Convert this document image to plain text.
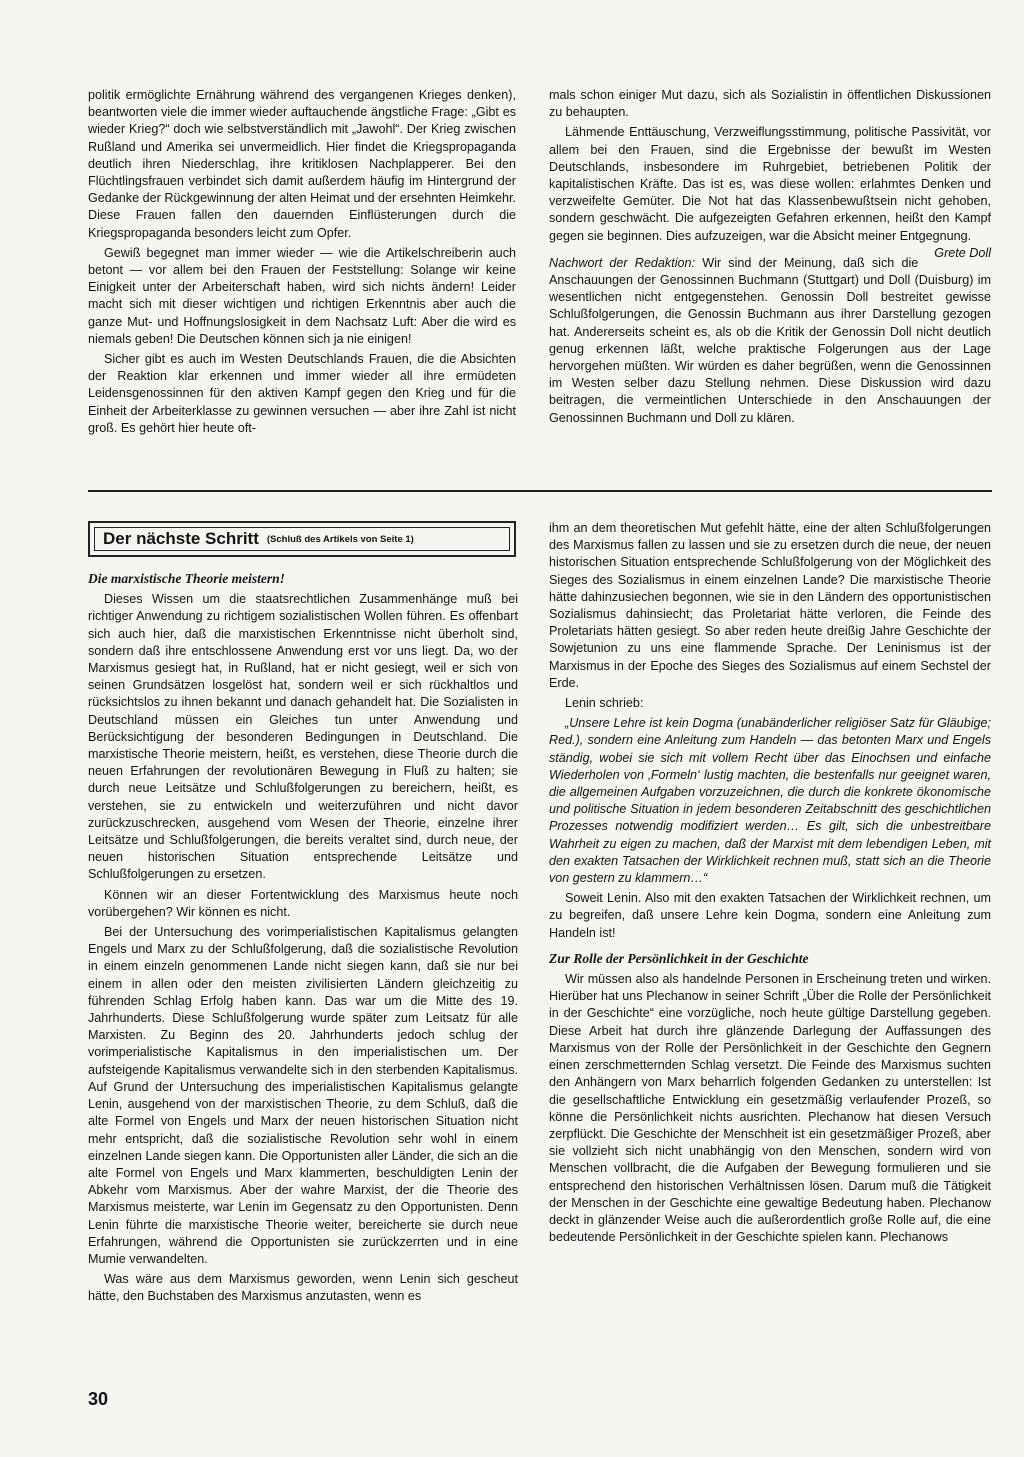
politik ermöglichte Ernährung während des vergangenen Krieges denken), beantworten viele die immer wieder auftauchende ängstliche Frage: „Gibt es wieder Krieg?“ doch wie selbstverständlich mit „Jawohl“. Der Krieg zwischen Rußland und Amerika sei unvermeidlich. Hier findet die Kriegspropaganda deutlich ihren Niederschlag, ihre kritiklosen Nachplapperer. Bei den Flüchtlingsfrauen verbindet sich damit außerdem häufig im Hintergrund der Gedanke der Rückgewinnung der alten Heimat und der ersehnten Heimkehr. Diese Frauen fallen den dauernden Einflüsterungen durch die Kriegspropaganda besonders leicht zum Opfer.

Gewiß begegnet man immer wieder — wie die Artikelschreiberin auch betont — vor allem bei den Frauen der Feststellung: Solange wir keine Einigkeit unter der Arbeiterschaft haben, wird sich nichts ändern! Leider macht sich mit dieser wichtigen und richtigen Erkenntnis aber auch die ganze Mut- und Hoffnungslosigkeit in dem Nachsatz Luft: Aber die wird es niemals geben! Die Deutschen können sich ja nie einigen!

Sicher gibt es auch im Westen Deutschlands Frauen, die die Absichten der Reaktion klar erkennen und immer wieder all ihre ermüdeten Leidensgenossinnen für den aktiven Kampf gegen den Krieg und für die Einheit der Arbeiterklasse zu gewinnen versuchen — aber ihre Zahl ist nicht groß. Es gehört hier heute oft-

mals schon einiger Mut dazu, sich als Sozialistin in öffentlichen Diskussionen zu behaupten.

Lähmende Enttäuschung, Verzweiflungsstimmung, politische Passivität, vor allem bei den Frauen, sind die Ergebnisse der bewußt im Westen Deutschlands, insbesondere im Ruhrgebiet, betriebenen Politik der kapitalistischen Kräfte. Das ist es, was diese wollen: erlahmtes Denken und verzweifelte Gemüter. Die Not hat das Klassenbewußtsein nicht gehoben, sondern geschwächt. Die aufgezeigten Gefahren erkennen, heißt den Kampf gegen sie beginnen. Dies aufzuzeigen, war die Absicht meiner Entgegnung.
Grete Doll

Nachwort der Redaktion: Wir sind der Meinung, daß sich die Anschauungen der Genossinnen Buchmann (Stuttgart) und Doll (Duisburg) im wesentlichen nicht entgegenstehen. Genossin Doll bestreitet gewisse Schlußfolgerungen, die Genossin Buchmann aus ihrer Darstellung gezogen hat. Andererseits scheint es, als ob die Kritik der Genossin Doll nicht deutlich genug erkennen läßt, welche praktische Folgerungen aus der Lage hervorgehen müßten. Wir würden es daher begrüßen, wenn die Genossinnen im Westen selber dazu Stellung nehmen. Diese Diskussion wird dazu beitragen, die vermeintlichen Unterschiede in den Anschauungen der Genossinnen Buchmann und Doll zu klären.

Der nächste Schritt (Schluß des Artikels von Seite 1)
Die marxistische Theorie meistern!

Dieses Wissen um die staatsrechtlichen Zusammenhänge muß bei richtiger Anwendung zu richtigem sozialistischen Wollen führen. Es offenbart sich auch hier, daß die marxistischen Erkenntnisse nicht überholt sind, sondern daß ihre entschlossene Anwendung erst vor uns liegt. Da, wo der Marxismus gesiegt hat, in Rußland, hat er nicht gesiegt, weil er sich von seinen Grundsätzen losgelöst hat, sondern weil er sich rückhaltlos und rücksichtslos zu ihnen bekannt und danach gehandelt hat. Die Sozialisten in Deutschland müssen ein Gleiches tun unter Anwendung und Berücksichtigung der besonderen Bedingungen in Deutschland. Die marxistische Theorie meistern, heißt, es verstehen, diese Theorie durch die neuen Erfahrungen der revolutionären Bewegung in Fluß zu halten; sie durch neue Leitsätze und Schlußfolgerungen zu bereichern, heißt, es verstehen, sie zu entwickeln und weiterzuführen und nicht davor zurückzuschrecken, ausgehend vom Wesen der Theorie, einzelne ihrer Leitsätze und Schlußfolgerungen, die bereits veraltet sind, durch neue, der neuen historischen Situation entsprechende Leitsätze und Schlußfolgerungen zu ersetzen.

Können wir an dieser Fortentwicklung des Marxismus heute noch vorübergehen? Wir können es nicht.

Bei der Untersuchung des vorimperialistischen Kapitalismus gelangten Engels und Marx zu der Schlußfolgerung, daß die sozialistische Revolution in einem einzeln genommenen Lande nicht siegen kann, daß sie nur bei einem in allen oder den meisten zivilisierten Ländern gleichzeitig zu führenden Schlag Erfolg haben kann. Das war um die Mitte des 19. Jahrhunderts. Diese Schlußfolgerung wurde später zum Leitsatz für alle Marxisten. Zu Beginn des 20. Jahrhunderts jedoch schlug der vorimperialistische Kapitalismus in den imperialistischen um. Der aufsteigende Kapitalismus verwandelte sich in den sterbenden Kapitalismus. Auf Grund der Untersuchung des imperialistischen Kapitalismus gelangte Lenin, ausgehend von der marxistischen Theorie, zu dem Schluß, daß die alte Formel von Engels und Marx der neuen historischen Situation nicht mehr entspricht, daß die sozialistische Revolution sehr wohl in einem einzelnen Lande siegen kann. Die Opportunisten aller Länder, die sich an die alte Formel von Engels und Marx klammerten, beschuldigten Lenin der Abkehr vom Marxismus. Aber der wahre Marxist, der die Theorie des Marxismus meisterte, war Lenin im Gegensatz zu den Opportunisten. Denn Lenin führte die marxistische Theorie weiter, bereicherte sie durch neue Erfahrungen, während die Opportunisten sie zurückzerrten und in eine Mumie verwandelten.

Was wäre aus dem Marxismus geworden, wenn Lenin sich gescheut hätte, den Buchstaben des Marxismus anzutasten, wenn es

ihm an dem theoretischen Mut gefehlt hätte, eine der alten Schlußfolgerungen des Marxismus fallen zu lassen und sie zu ersetzen durch die neue, der neuen historischen Situation entsprechende Schlußfolgerung von der Möglichkeit des Sieges des Sozialismus in einem einzelnen Lande? Die marxistische Theorie hätte dahinzusiechen begonnen, wie sie in den Ländern des opportunistischen Sozialismus dahinsiecht; das Proletariat hätte verloren, die Feinde des Proletariats hätten gesiegt. So aber reden heute dreißig Jahre Geschichte der Sowjetunion zu uns eine flammende Sprache. Der Leninismus ist der Marxismus in der Epoche des Sieges des Sozialismus auf einem Sechstel der Erde.

Lenin schrieb:

„Unsere Lehre ist kein Dogma (unabänderlicher religiöser Satz für Gläubige; Red.), sondern eine Anleitung zum Handeln — das betonten Marx und Engels ständig, wobei sie sich mit vollem Recht über das Einochsen und einfache Wiederholen von ‚Formeln‘ lustig machten, die bestenfalls nur geeignet waren, die allgemeinen Aufgaben vorzuzeichnen, die durch die konkrete ökonomische und politische Situation in jedem besonderen Zeitabschnitt des geschichtlichen Prozesses notwendig modifiziert werden… Es gilt, sich die unbestreitbare Wahrheit zu eigen zu machen, daß der Marxist mit dem lebendigen Leben, mit den exakten Tatsachen der Wirklichkeit rechnen muß, statt sich an die Theorie von gestern zu klammern…“

Soweit Lenin. Also mit den exakten Tatsachen der Wirklichkeit rechnen, um zu begreifen, daß unsere Lehre kein Dogma, sondern eine Anleitung zum Handeln ist!

Zur Rolle der Persönlichkeit in der Geschichte

Wir müssen also als handelnde Personen in Erscheinung treten und wirken. Hierüber hat uns Plechanow in seiner Schrift „Über die Rolle der Persönlichkeit in der Geschichte“ eine vorzügliche, noch heute gültige Darstellung gegeben. Diese Arbeit hat durch ihre glänzende Darlegung der Auffassungen des Marxismus von der Rolle der Persönlichkeit in der Geschichte den Gegnern einen zerschmetternden Schlag versetzt. Die Feinde des Marxismus suchten den Anhängern von Marx beharrlich folgenden Gedanken zu unterstellen: Ist die gesellschaftliche Entwicklung ein gesetzmäßig verlaufender Prozeß, so könne die Persönlichkeit nichts ausrichten. Plechanow hat diesen Versuch zerpflückt. Die Geschichte der Menschheit ist ein gesetzmäßiger Prozeß, aber sie vollzieht sich nicht unabhängig von den Menschen, sondern wird von Menschen vollbracht, die die Aufgaben der Bewegung formulieren und sie entsprechend den historischen Verhältnissen lösen. Darum muß die Tätigkeit der Menschen in der Geschichte eine gewaltige Bedeutung haben. Plechanow deckt in glänzender Weise auch die außerordentlich große Rolle auf, die eine bedeutende Persönlichkeit in der Geschichte spielen kann. Plechanows

30
